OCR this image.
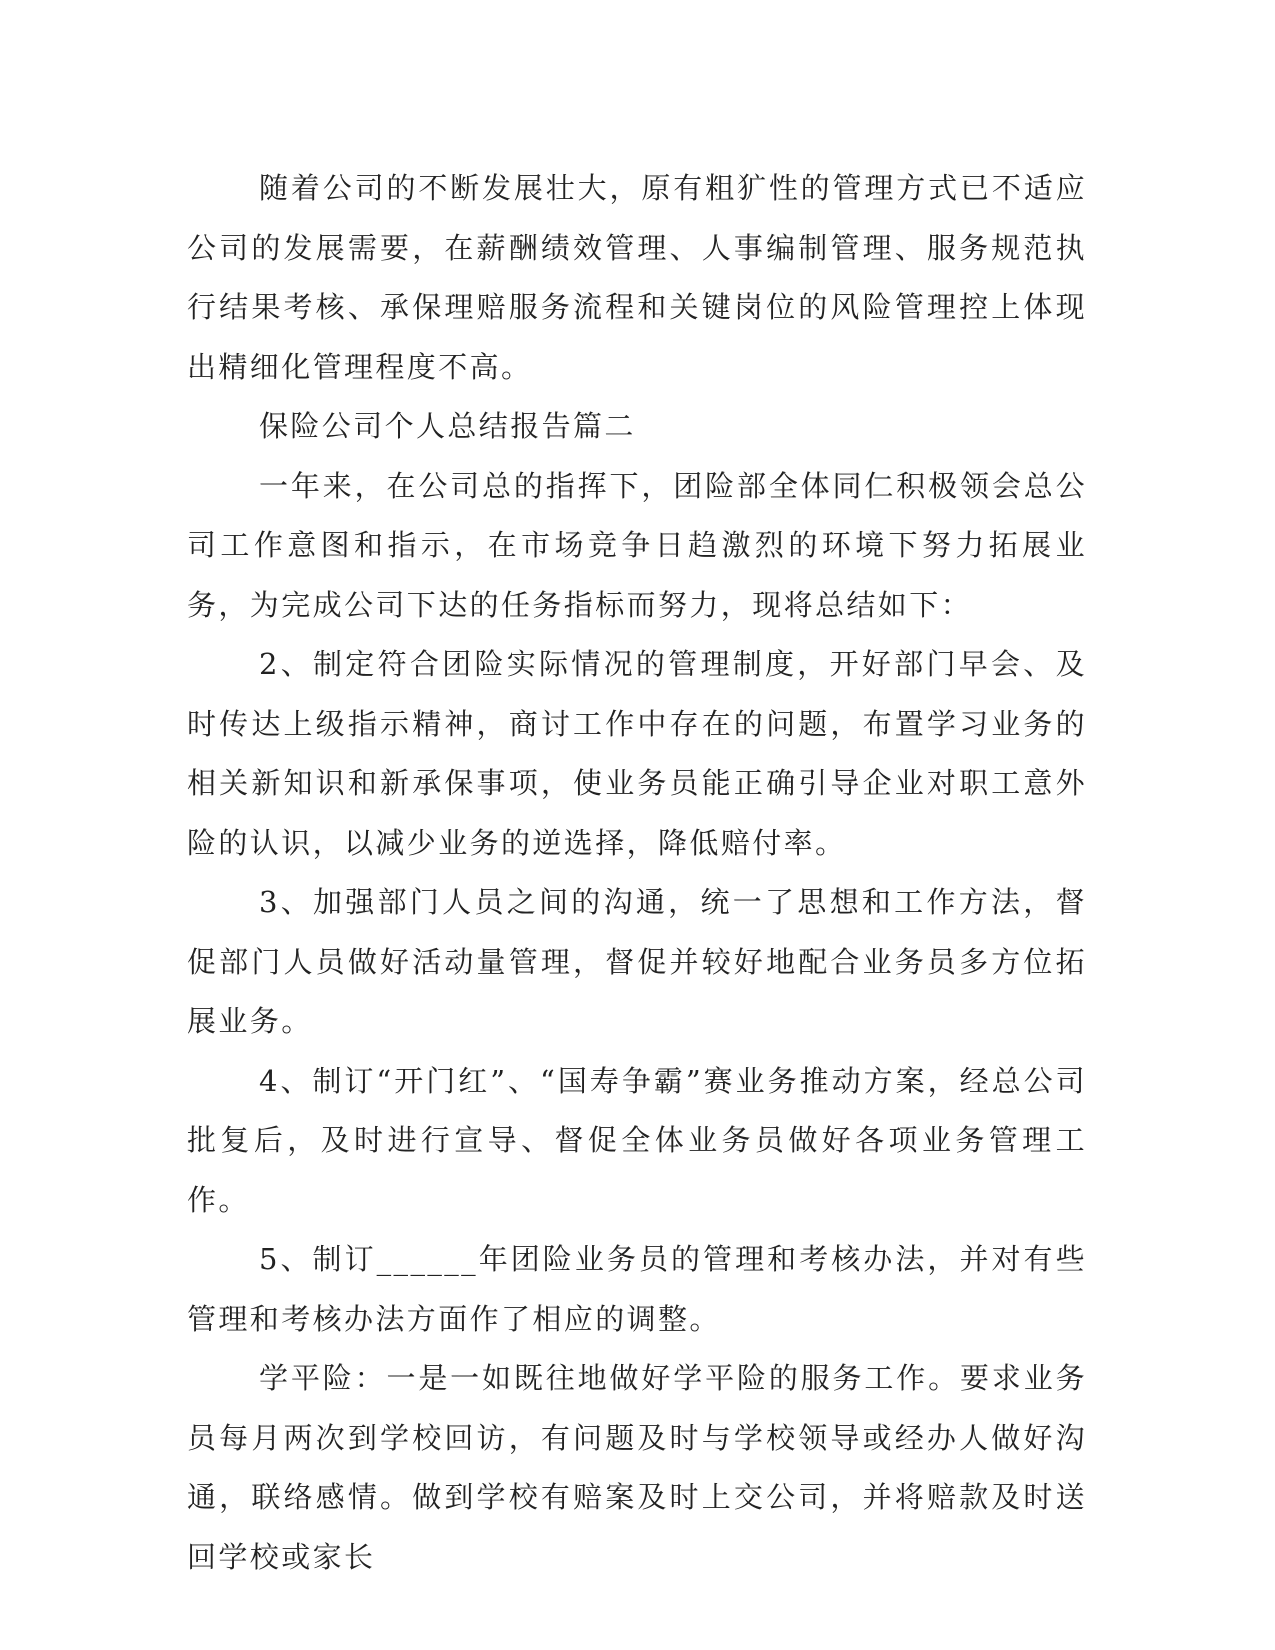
随着公司的不断发展壮大，原有粗犷性的管理方式已不适应公司的发展需要，在薪酬绩效管理、人事编制管理、服务规范执行结果考核、承保理赔服务流程和关键岗位的风险管理控上体现出精细化管理程度不高。

保险公司个人总结报告篇二

一年来，在公司总的指挥下，团险部全体同仁积极领会总公司工作意图和指示，在市场竞争日趋激烈的环境下努力拓展业务，为完成公司下达的任务指标而努力，现将总结如下：

2、制定符合团险实际情况的管理制度，开好部门早会、及时传达上级指示精神，商讨工作中存在的问题，布置学习业务的相关新知识和新承保事项，使业务员能正确引导企业对职工意外险的认识，以减少业务的逆选择，降低赔付率。

3、加强部门人员之间的沟通，统一了思想和工作方法，督促部门人员做好活动量管理，督促并较好地配合业务员多方位拓展业务。

4、制订“开门红”、“国寿争霸”赛业务推动方案，经总公司批复后，及时进行宣导、督促全体业务员做好各项业务管理工作。

5、制订______年团险业务员的管理和考核办法，并对有些管理和考核办法方面作了相应的调整。

学平险：一是一如既往地做好学平险的服务工作。要求业务员每月两次到学校回访，有问题及时与学校领导或经办人做好沟通，联络感情。做到学校有赔案及时上交公司，并将赔款及时送回学校或家长
